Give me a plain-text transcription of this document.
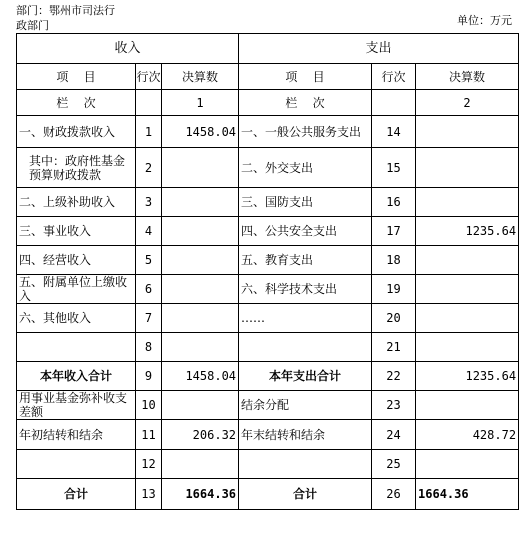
部门：鄂州市司法行
政部门	单位：万元
收入			支出		
项    目	行次	决算数	项    目	行次	决算数
栏    次		1	栏    次		2
一、财政拨款收入	1	1458.04	一、一般公共服务支出	14	
其中：政府性基金预算财政拨款	2		二、外交支出	15	
二、上级补助收入	3		三、国防支出	16	
三、事业收入	4		四、公共安全支出	17	1235.64
四、经营收入	5		五、教育支出	18	
五、附属单位上缴收入	6		六、科学技术支出	19	
六、其他收入	7		……	20	
	8			21	
本年收入合计	9	1458.04	本年支出合计	22	1235.64
用事业基金弥补收支差额	10		结余分配	23	
年初结转和结余	11	206.32	年末结转和结余	24	428.72
	12			25	
合计	13	1664.36	合计	26	1664.36
